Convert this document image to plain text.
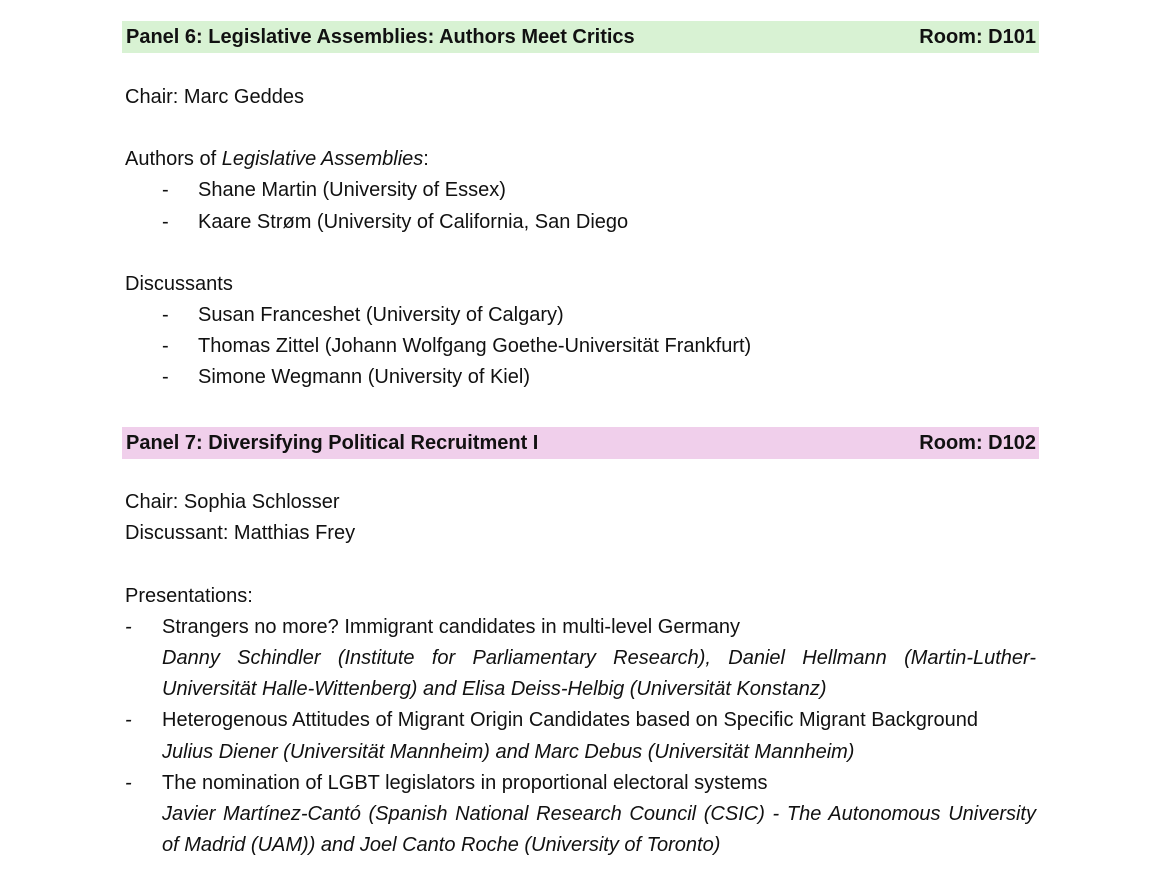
Panel 6: Legislative Assemblies: Authors Meet Critics	Room: D101
Chair: Marc Geddes
Authors of Legislative Assemblies:
- Shane Martin (University of Essex)
- Kaare Strøm (University of California, San Diego
Discussants
- Susan Franceshet (University of Calgary)
- Thomas Zittel (Johann Wolfgang Goethe-Universität Frankfurt)
- Simone Wegmann (University of Kiel)
Panel 7: Diversifying Political Recruitment I	Room: D102
Chair: Sophia Schlosser
Discussant: Matthias Frey
Presentations:
- Strangers no more? Immigrant candidates in multi-level Germany
Danny Schindler (Institute for Parliamentary Research), Daniel Hellmann (Martin-Luther-Universität Halle-Wittenberg) and Elisa Deiss-Helbig (Universität Konstanz)
- Heterogenous Attitudes of Migrant Origin Candidates based on Specific Migrant Background
Julius Diener (Universität Mannheim) and Marc Debus (Universität Mannheim)
- The nomination of LGBT legislators in proportional electoral systems
Javier Martínez-Cantó (Spanish National Research Council (CSIC) - The Autonomous University of Madrid (UAM)) and Joel Canto Roche (University of Toronto)
